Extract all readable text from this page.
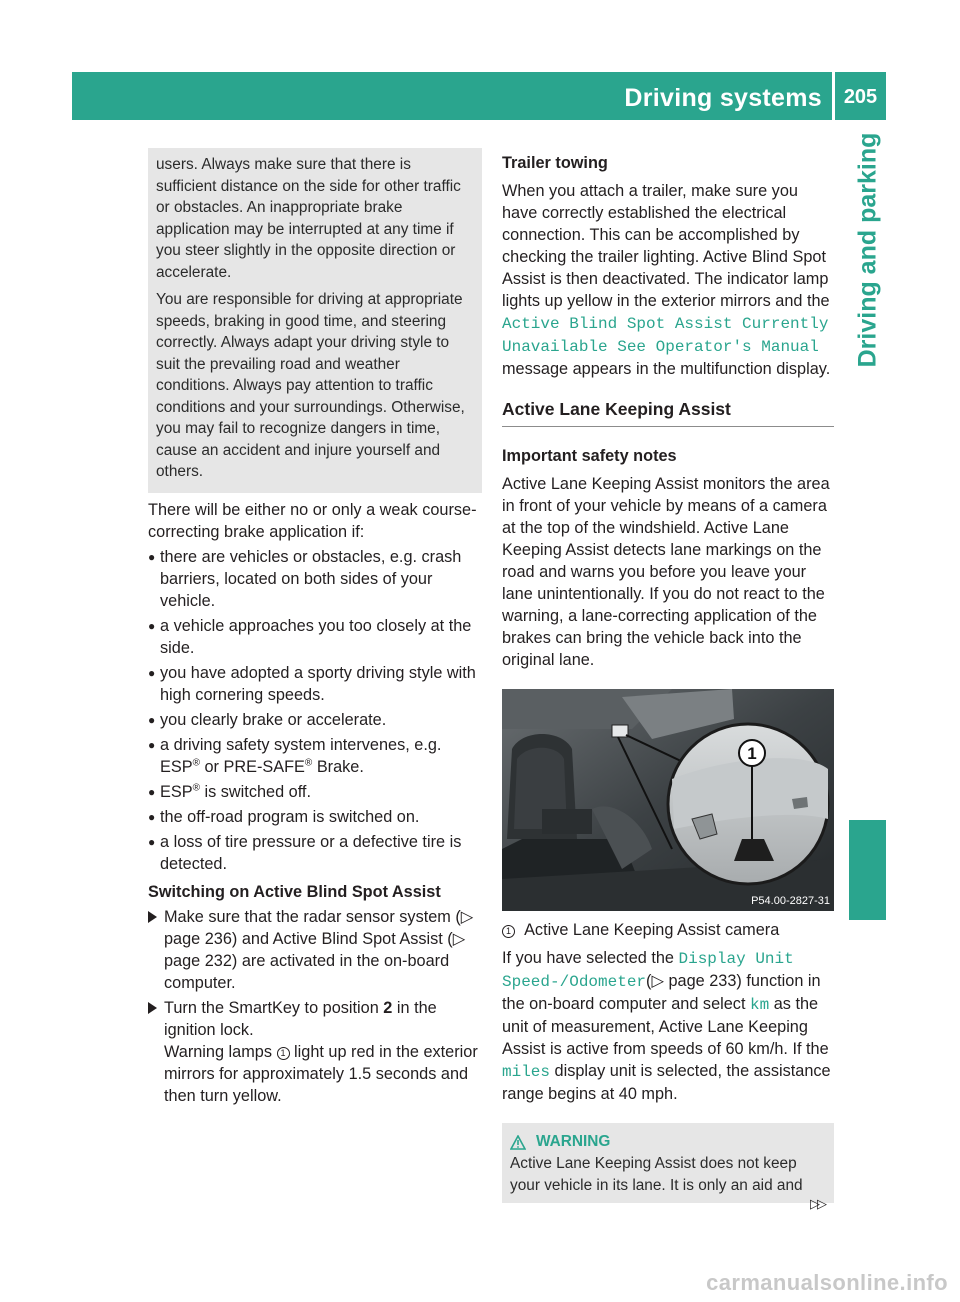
Driving systems	205
Driving and parking

users. Always make sure that there is sufficient distance on the side for other traffic or obstacles. An inappropriate brake application may be interrupted at any time if you steer slightly in the opposite direction or accelerate.

You are responsible for driving at appropriate speeds, braking in good time, and steering correctly. Always adapt your driving style to suit the prevailing road and weather conditions. Always pay attention to traffic conditions and your surroundings. Otherwise, you may fail to recognize dangers in time, cause an accident and injure yourself and others.

There will be either no or only a weak course-correcting brake application if:

● there are vehicles or obstacles, e.g. crash barriers, located on both sides of your vehicle.
● a vehicle approaches you too closely at the side.
● you have adopted a sporty driving style with high cornering speeds.
● you clearly brake or accelerate.
● a driving safety system intervenes, e.g. ESP® or PRE-SAFE® Brake.
● ESP® is switched off.
● the off-road program is switched on.
● a loss of tire pressure or a defective tire is detected.

Switching on Active Blind Spot Assist

Make sure that the radar sensor system (▷ page 236) and Active Blind Spot Assist (▷ page 232) are activated in the on-board computer.
Turn the SmartKey to position 2 in the ignition lock.
Warning lamps 1 light up red in the exterior mirrors for approximately 1.5 seconds and then turn yellow.

Trailer towing

When you attach a trailer, make sure you have correctly established the electrical connection. This can be accomplished by checking the trailer lighting. Active Blind Spot Assist is then deactivated. The indicator lamp lights up yellow in the exterior mirrors and the
Active Blind Spot Assist Currently
Unavailable See Operator's Manual
message appears in the multifunction display.

Active Lane Keeping Assist

Important safety notes

Active Lane Keeping Assist monitors the area in front of your vehicle by means of a camera at the top of the windshield. Active Lane Keeping Assist detects lane markings on the road and warns you before you leave your lane unintentionally. If you do not react to the warning, a lane-correcting application of the brakes can bring the vehicle back into the original lane.

1
P54.00-2827-31

1 Active Lane Keeping Assist camera

If you have selected the Display Unit Speed-/Odometer(▷ page 233) function in the on-board computer and select km as the unit of measurement, Active Lane Keeping Assist is active from speeds of 60 km/h. If the miles display unit is selected, the assistance range begins at 40 mph.

WARNING

Active Lane Keeping Assist does not keep your vehicle in its lane. It is only an aid and

▷▷
carmanualsonline.info
